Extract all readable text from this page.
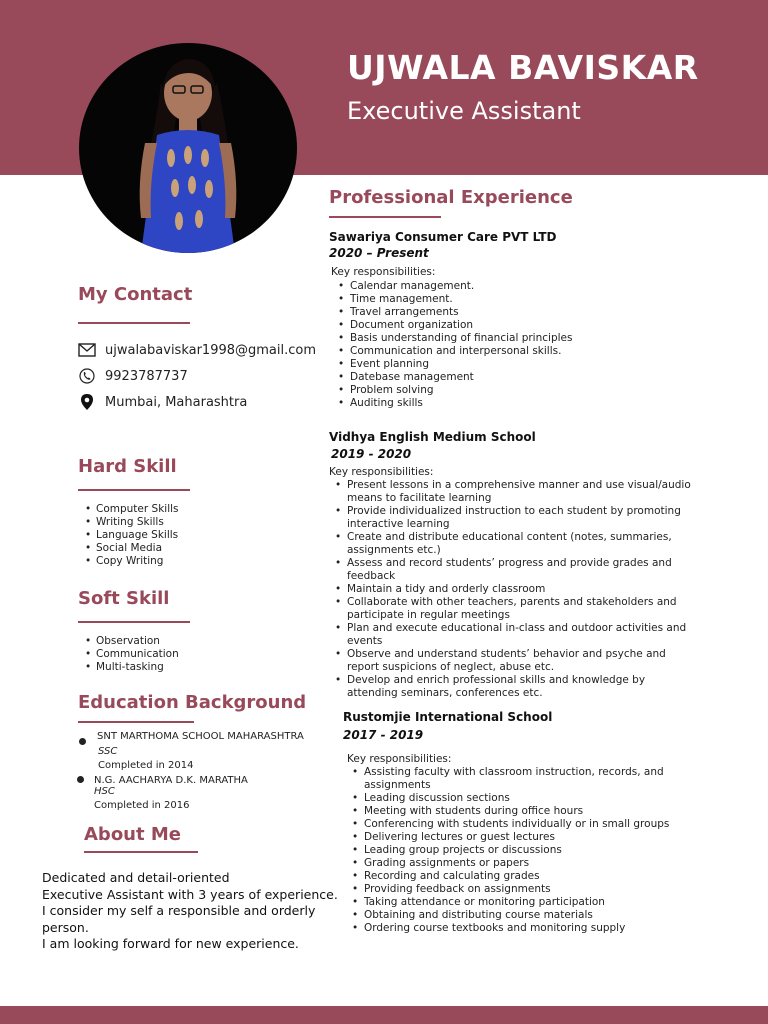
UJWALA BAVISKAR
Executive Assistant
My Contact
ujwalabaviskar1998@gmail.com
9923787737
Mumbai, Maharashtra
Hard Skill
• Computer Skills
• Writing Skills
• Language Skills
• Social Media
• Copy Writing
Soft Skill
• Observation
• Communication
• Multi-tasking
Education Background
SNT MARTHOMA SCHOOL MAHARASHTRA
SSC
Completed in 2014
N.G. AACHARYA D.K. MARATHA
HSC
Completed in 2016
About Me

Dedicated and detail-oriented

Executive Assistant with 3 years of experience.

I consider my self a responsible and orderly

person.

I am looking forward for new experience.

Professional Experience
Sawariya Consumer Care PVT LTD
2020 – Present
Key responsibilities:
• Calendar management.
• Time management.
• Travel arrangements
• Document organization
• Basis understanding of financial principles
• Communication and interpersonal skills.
• Event planning
• Datebase management
• Problem solving
• Auditing skills
Vidhya English Medium School
2019 - 2020
Key responsibilities:
• Present lessons in a comprehensive manner and use visual/audio means to facilitate learning
• Provide individualized instruction to each student by promoting interactive learning
• Create and distribute educational content (notes, summaries, assignments etc.)
• Assess and record students’ progress and provide grades and feedback
• Maintain a tidy and orderly classroom
• Collaborate with other teachers, parents and stakeholders and participate in regular meetings
• Plan and execute educational in-class and outdoor activities and events
• Observe and understand students’ behavior and psyche and report suspicions of neglect, abuse etc.
• Develop and enrich professional skills and knowledge by attending seminars, conferences etc.
Rustomjie International School
2017 - 2019
Key responsibilities:
• Assisting faculty with classroom instruction, records, and assignments
• Leading discussion sections
• Meeting with students during office hours
• Conferencing with students individually or in small groups
• Delivering lectures or guest lectures
• Leading group projects or discussions
• Grading assignments or papers
• Recording and calculating grades
• Providing feedback on assignments
• Taking attendance or monitoring participation
• Obtaining and distributing course materials
• Ordering course textbooks and monitoring supply
